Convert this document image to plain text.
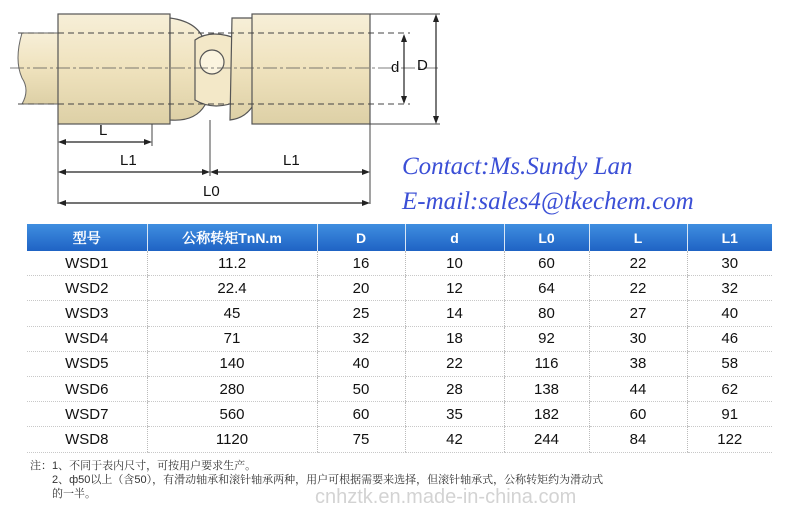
d D
L
L1	L1
L0
Contact:Ms.Sundy Lan
E-mail:sales4@tkechem.com
型号	公称转矩TnN.m	D	d	L0	L	L1
WSD1	11.2	16	10	60	22	30
WSD2	22.4	20	12	64	22	32
WSD3	45	25	14	80	27	40
WSD4	71	32	18	92	30	46
WSD5	140	40	22	116	38	58
WSD6	280	50	28	138	44	62
WSD7	560	60	35	182	60	91
WSD8	1120	75	42	244	84	122
注：1、不同于表内尺寸，可按用户要求生产。
2、ф50以上（含50），有滑动轴承和滚针轴承两种，用户可根据需要来选择，但滚针轴承式，公称转矩约为滑动式
的一半。	cnhztk.en.made-in-china.com
